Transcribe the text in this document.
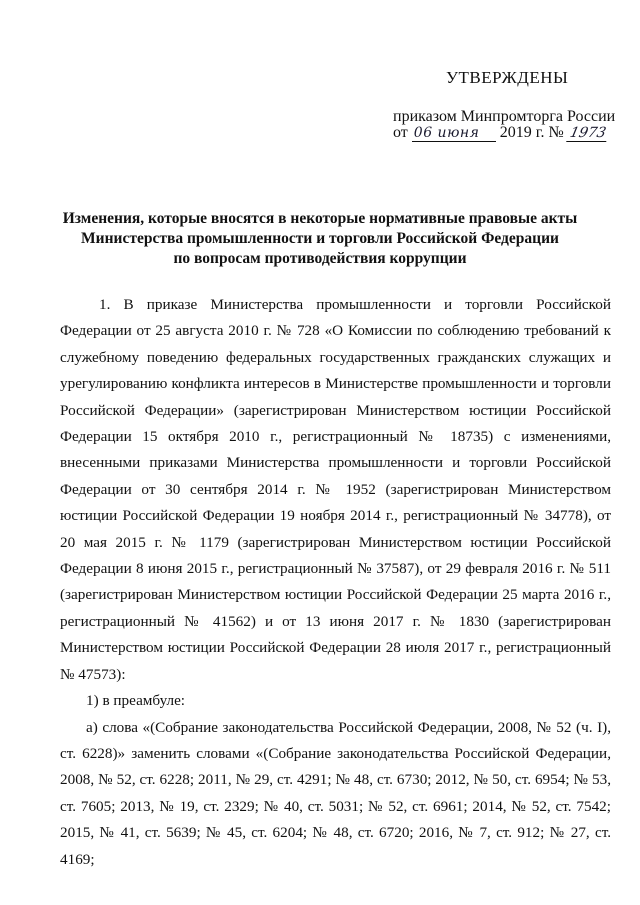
УТВЕРЖДЕНЫ
приказом Минпромторга России
от 06 июня 2019 г. № 1973
Изменения, которые вносятся в некоторые нормативные правовые акты
Министерства промышленности и торговли Российской Федерации
по вопросам противодействия коррупции

1. В приказе Министерства промышленности и торговли Российской Федерации от 25 августа 2010 г. № 728 «О Комиссии по соблюдению требований к служебному поведению федеральных государственных гражданских служащих и урегулированию конфликта интересов в Министерстве промышленности и торговли Российской Федерации» (зарегистрирован Министерством юстиции Российской Федерации 15 октября 2010 г., регистрационный № 18735) с изменениями, внесенными приказами Министерства промышленности и торговли Российской Федерации от 30 сентября 2014 г. № 1952 (зарегистрирован Министерством юстиции Российской Федерации 19 ноября 2014 г., регистрационный № 34778), от 20 мая 2015 г. № 1179 (зарегистрирован Министерством юстиции Российской Федерации 8 июня 2015 г., регистрационный № 37587), от 29 февраля 2016 г. № 511 (зарегистрирован Министерством юстиции Российской Федерации 25 марта 2016 г., регистрационный № 41562) и от 13 июня 2017 г. № 1830 (зарегистрирован Министерством юстиции Российской Федерации 28 июля 2017 г., регистрационный № 47573):

1) в преамбуле:

а) слова «(Собрание законодательства Российской Федерации, 2008, № 52 (ч. I), ст. 6228)» заменить словами «(Собрание законодательства Российской Федерации, 2008, № 52, ст. 6228; 2011, № 29, ст. 4291; № 48, ст. 6730; 2012, № 50, ст. 6954; № 53, ст. 7605; 2013, № 19, ст. 2329; № 40, ст. 5031; № 52, ст. 6961; 2014, № 52, ст. 7542; 2015, № 41, ст. 5639; № 45, ст. 6204; № 48, ст. 6720; 2016, № 7, ст. 912; № 27, ст. 4169;
